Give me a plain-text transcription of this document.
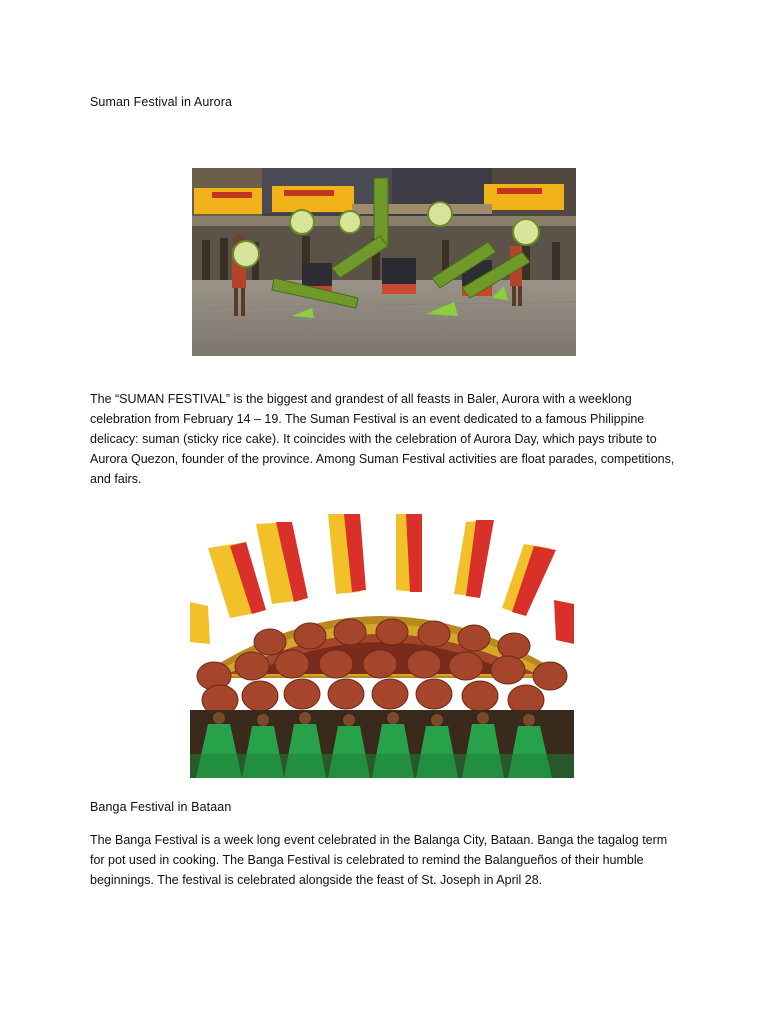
Suman Festival in Aurora

The “SUMAN FESTIVAL” is the biggest and grandest of all feasts in Baler, Aurora with a weeklong celebration from February 14 – 19. The Suman Festival is an event dedicated to a famous Philippine delicacy: suman (sticky rice cake). It coincides with the celebration of Aurora Day, which pays tribute to Aurora Quezon, founder of the province. Among Suman Festival activities are float parades, competitions, and fairs.

Banga Festival in Bataan

The Banga Festival is a week long event celebrated in the Balanga City, Bataan. Banga the tagalog term for pot used in cooking. The Banga Festival is celebrated to remind the Balangueños of their humble beginnings. The festival is celebrated alongside the feast of St. Joseph in April 28.
